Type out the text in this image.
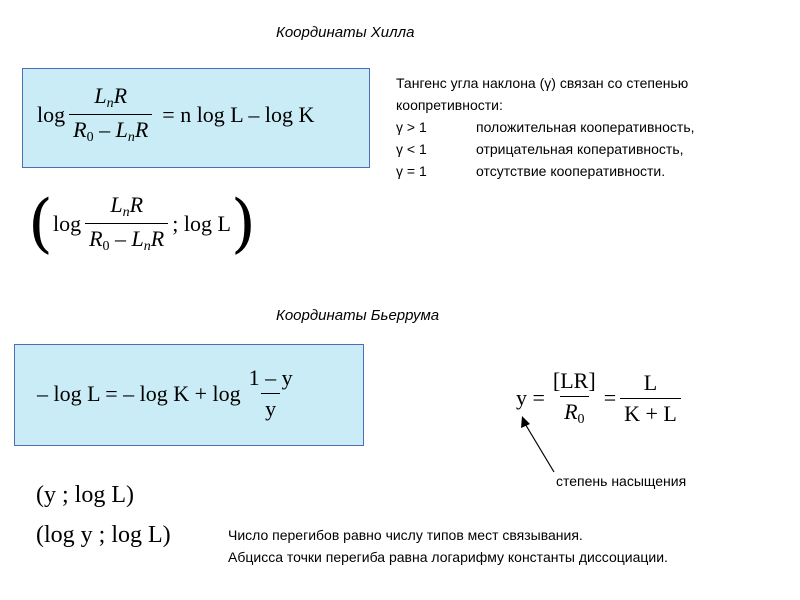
Координаты Хилла
$\log \frac{L_nR}{R_0 - L_nR} = n$ log L – log K
Тангенс угла наклона (γ) связан со степенью
коопретивности:
γ > 1	положительная кооперативность,
γ < 1	отрицательная копеpативность,
γ = 1	отсутствие кооперативности.
( $\log \frac{L_nR}{R_0 - L_nR}$ ; log L )
Координаты Бьеррума
– log L = – $\log K + \log \frac{1 - y}{y}$	$y = \frac{[LR]}{R_0} = \frac{L}{K + L}$
степень насыщения
(y ; log L)
(log y ; log L)	Число перегибов равно числу типов мест связывания.
Абцисса точки перегиба равна логарифму константы диссоциации.
